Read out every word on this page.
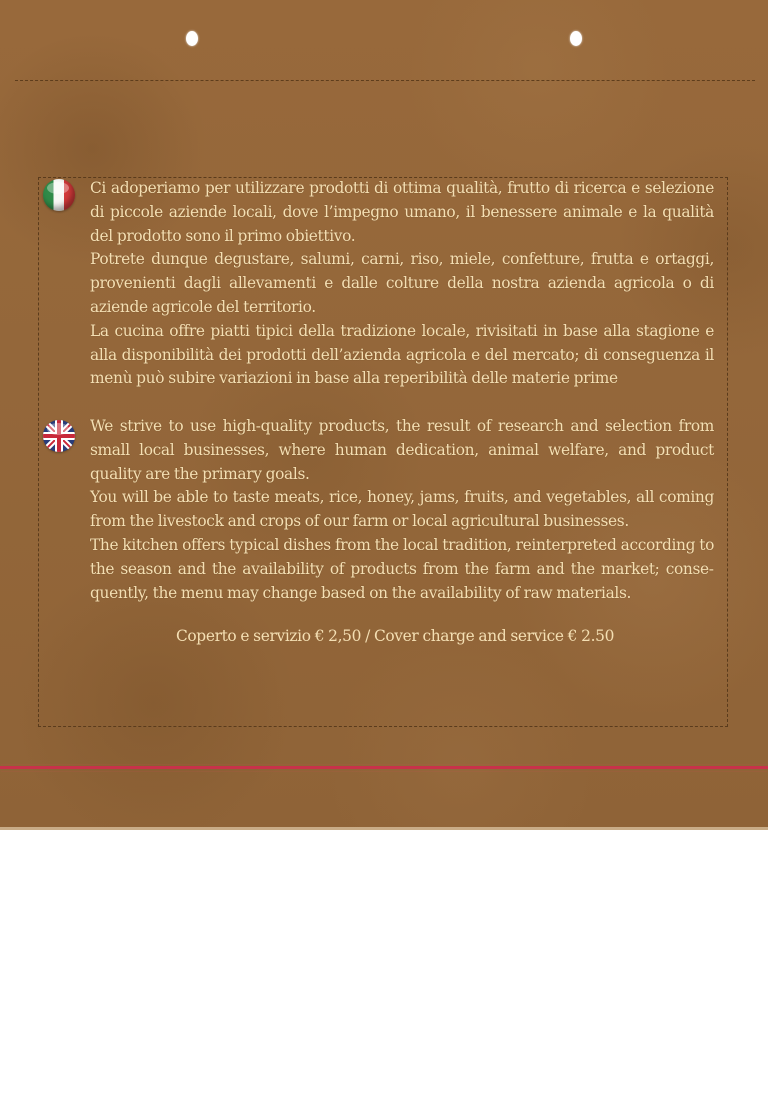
Ci adoperiamo per utilizzare prodotti di ottima qualità, frutto di ricerca e selezione di piccole aziende locali, dove l’impegno umano, il benessere animale e la qualità del prodotto sono il primo obiettivo.

Potrete dunque degustare, salumi, carni, riso, miele, confetture, frutta e ortaggi, provenienti dagli allevamenti e dalle colture della nostra azienda agricola o di aziende agricole del territorio.

La cucina offre piatti tipici della tradizione locale, rivisitati in base alla stagione e alla disponibilità dei prodotti dell’azienda agricola e del mercato; di conseguenza il menù può subire variazioni in base alla reperibilità delle materie prime

We strive to use high-quality products, the result of research and selection from small local businesses, where human dedication, animal welfare, and product quality are the primary goals.

You will be able to taste meats, rice, honey, jams, fruits, and vegetables, all coming from the livestock and crops of our farm or local agricultural businesses.

The kitchen offers typical dishes from the local tradition, reinterpreted according to the season and the availability of products from the farm and the market; consequently, the menu may change based on the availability of raw materials.

Coperto e servizio € 2,50 / Cover charge and service € 2.50
